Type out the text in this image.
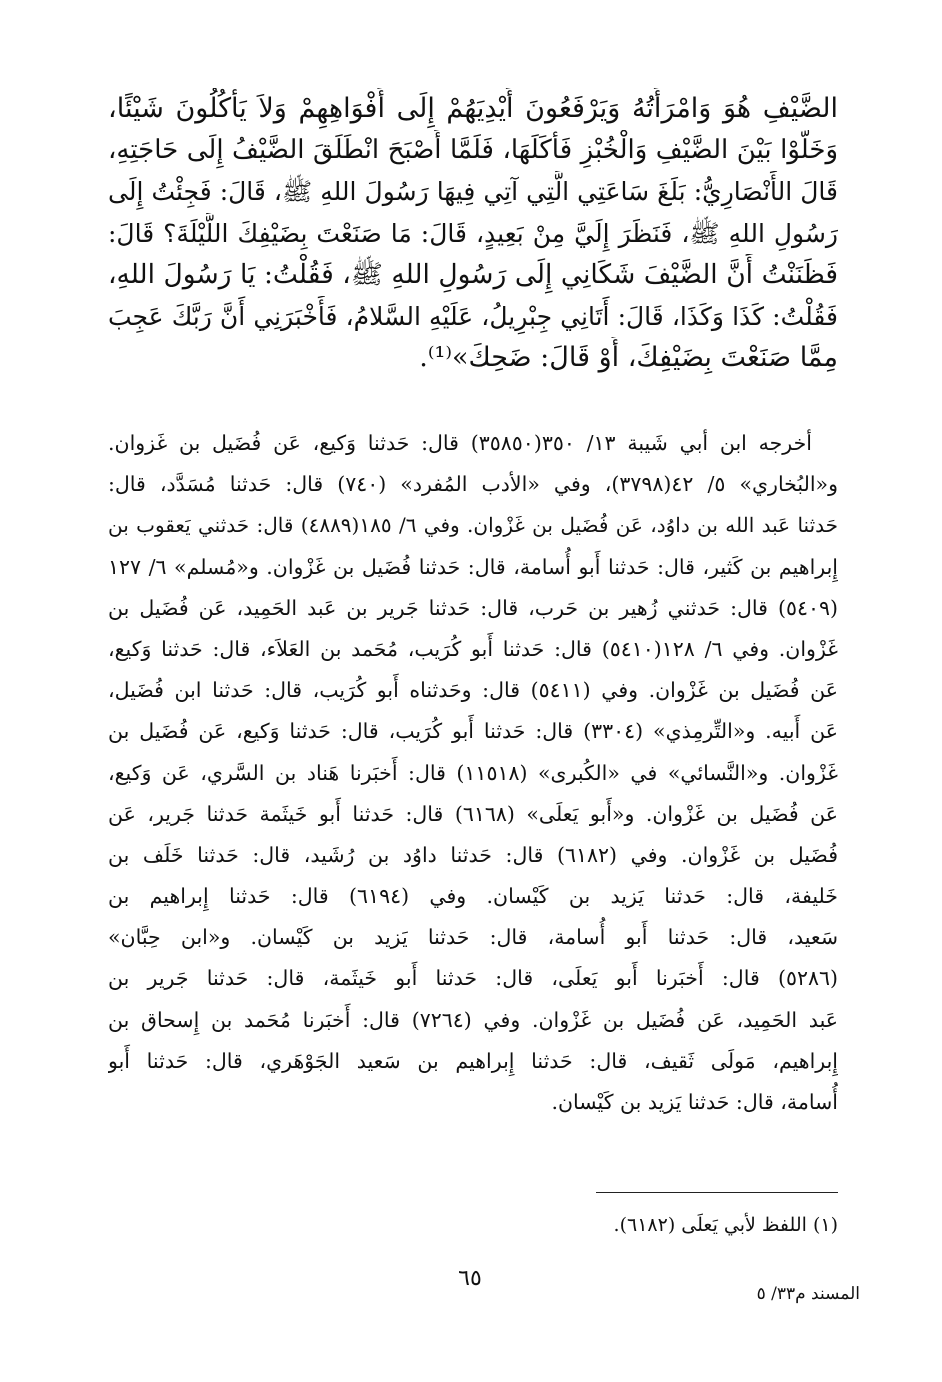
الضَّيْفِ هُوَ وَامْرَأَتُهُ وَيَرْفَعُونَ أَيْدِيَهُمْ إِلَى أَفْوَاهِهِمْ وَلاَ يَأْكُلُونَ شَيْئًا،
وَخَلَّوْا بَيْنَ الضَّيْفِ وَالْخُبْزِ فَأَكَلَهَا، فَلَمَّا أَصْبَحَ انْطَلَقَ الضَّيْفُ إِلَى حَاجَتِهِ،
قَالَ الأَنْصَارِيُّ: بَلَغَ سَاعَتِي الَّتِي آتِي فِيهَا رَسُولَ اللهِ ﷺ، قَالَ: فَجِئْتُ إِلَى
رَسُولِ اللهِ ﷺ، فَنَظَرَ إِلَيَّ مِنْ بَعِيدٍ، قَالَ: مَا صَنَعْتَ بِضَيْفِكَ اللَّيْلَةَ؟ قَالَ:
فَظَنَنْتُ أَنَّ الضَّيْفَ شَكَانِي إِلَى رَسُولِ اللهِ ﷺ، فَقُلْتُ: يَا رَسُولَ اللهِ،
فَقُلْتُ: كَذَا وَكَذَا، قَالَ: أَتَانِي جِبْرِيلُ، عَلَيْهِ السَّلامُ، فَأَخْبَرَنِي أَنَّ رَبَّكَ عَجِبَ
مِمَّا صَنَعْتَ بِضَيْفِكَ، أَوْ قَالَ: ضَحِكَ»⁽¹⁾.
أخرجه ابن أبي شَيبة ١٣/ ٣٥٠(٣٥٨٥٠) قال: حَدثنا وَكيع، عَن فُضَيل بن غَزوان.
و«البُخاري» ٥/ ٤٢(٣٧٩٨)، وفي «الأدب المُفرد» (٧٤٠) قال: حَدثنا مُسَدَّد، قال:
حَدثنا عَبد الله بن داوُد، عَن فُضَيل بن غَزْوان. وفي ٦/ ١٨٥(٤٨٨٩) قال: حَدثني يَعقوب بن
إِبراهيم بن كَثير، قال: حَدثنا أَبو أُسامة، قال: حَدثنا فُضَيل بن غَزْوان. و«مُسلم» ٦/ ١٢٧
(٥٤٠٩) قال: حَدثني زُهير بن حَرب، قال: حَدثنا جَرير بن عَبد الحَمِيد، عَن فُضَيل بن
غَزْوان. وفي ٦/ ١٢٨(٥٤١٠) قال: حَدثنا أَبو كُرَيب، مُحَمد بن العَلاَء، قال: حَدثنا وَكيع،
عَن فُضَيل بن غَزْوان. وفي (٥٤١١) قال: وحَدثناه أَبو كُرَيب، قال: حَدثنا ابن فُضَيل،
عَن أَبيه. و«التِّرمِذي» (٣٣٠٤) قال: حَدثنا أَبو كُرَيب، قال: حَدثنا وَكيع، عَن فُضَيل بن
غَزْوان. و«النَّسائي» في «الكُبرى» (١١٥١٨) قال: أَخبَرنا هَناد بن السَّري، عَن وَكيع،
عَن فُضَيل بن غَزْوان. و«أَبو يَعلَى» (٦١٦٨) قال: حَدثنا أَبو خَيثَمة حَدثنا جَرير، عَن
فُضَيل بن غَزْوان. وفي (٦١٨٢) قال: حَدثنا داوُد بن رُشَيد، قال: حَدثنا خَلَف بن
خَليفة، قال: حَدثنا يَزيد بن كَيْسان. وفي (٦١٩٤) قال: حَدثنا إِبراهيم بن
سَعيد، قال: حَدثنا أَبو أُسامة، قال: حَدثنا يَزيد بن كَيْسان. و«ابن حِبَّان»
(٥٢٨٦) قال: أَخبَرنا أَبو يَعلَى، قال: حَدثنا أَبو خَيثَمة، قال: حَدثنا جَرير بن
عَبد الحَمِيد، عَن فُضَيل بن غَزْوان. وفي (٧٢٦٤) قال: أَخبَرنا مُحَمد بن إِسحاق بن
إِبراهيم، مَولَى ثَقيف، قال: حَدثنا إِبراهيم بن سَعيد الجَوْهَري، قال: حَدثنا أَبو
أُسامة، قال: حَدثنا يَزيد بن كَيْسان.
(١) اللفظ لأبي يَعلَى (٦١٨٢).
٦٥
المسند م٣٣/ ٥
